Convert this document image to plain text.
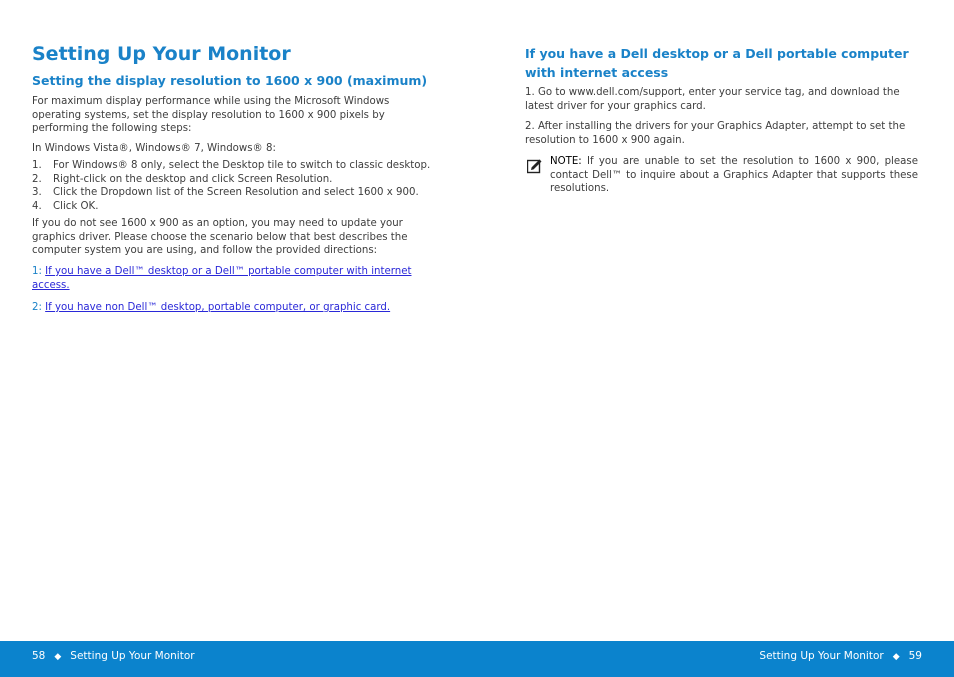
Setting Up Your Monitor
Setting the display resolution to 1600 x 900 (maximum)

For maximum display performance while using the Microsoft Windows operating systems, set the display resolution to 1600 x 900 pixels by performing the following steps:

In Windows Vista®, Windows® 7, Windows® 8:

1. For Windows® 8 only, select the Desktop tile to switch to classic desktop.
2. Right-click on the desktop and click Screen Resolution.
3. Click the Dropdown list of the Screen Resolution and select 1600 x 900.
4. Click OK.

If you do not see 1600 x 900 as an option, you may need to update your graphics driver. Please choose the scenario below that best describes the computer system you are using, and follow the provided directions:

1: If you have a Dell™ desktop or a Dell™ portable computer with internet access.

2: If you have non Dell™ desktop, portable computer, or graphic card.

If you have a Dell desktop or a Dell portable computer with internet access

1. Go to www.dell.com/support, enter your service tag, and download the latest driver for your graphics card.

2. After installing the drivers for your Graphics Adapter, attempt to set the resolution to 1600 x 900 again.

NOTE: If you are unable to set the resolution to 1600 x 900, please contact Dell™ to inquire about a Graphics Adapter that supports these resolutions.

58 ◆ Setting Up Your Monitor	Setting Up Your Monitor ◆ 59
